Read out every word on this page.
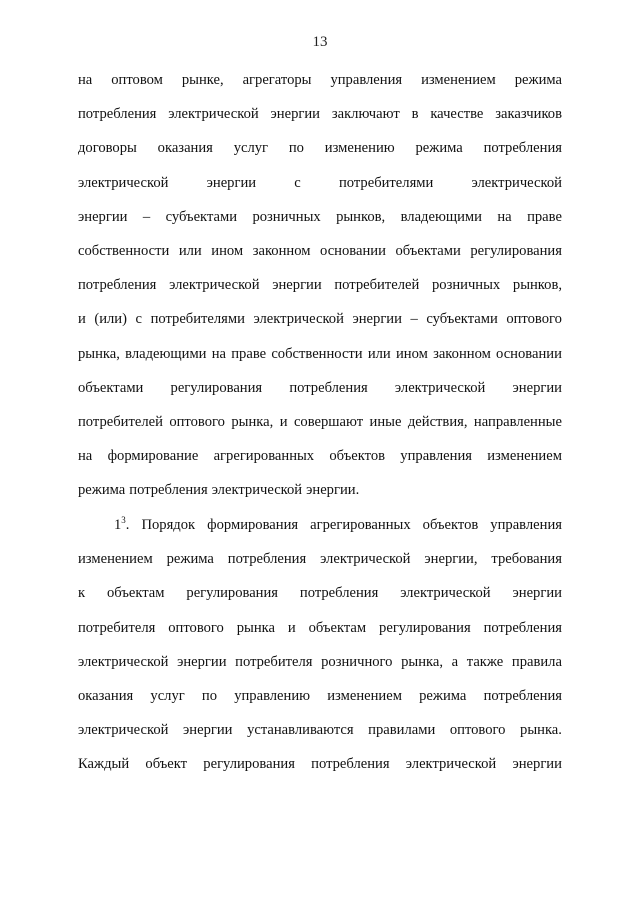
13
на оптовом рынке, агрегаторы управления изменением режима
потребления электрической энергии заключают в качестве заказчиков
договоры оказания услуг по изменению режима потребления
электрической	энергии	с	потребителями	электрической
энергии – субъектами розничных рынков, владеющими на праве
собственности или ином законном основании объектами регулирования
потребления электрической энергии потребителей розничных рынков,
и (или) с потребителями электрической энергии – субъектами оптового
рынка, владеющими на праве собственности или ином законном основании
объектами регулирования потребления электрической энергии
потребителей оптового рынка, и совершают иные действия, направленные
на формирование агрегированных объектов управления изменением
режима потребления электрической энергии.
$1^3$. Порядок формирования агрегированных объектов управления
изменением режима потребления электрической энергии, требования
к объектам регулирования потребления электрической энергии
потребителя оптового рынка и объектам регулирования потребления
электрической энергии потребителя розничного рынка, а также правила
оказания услуг по управлению изменением режима потребления
электрической энергии устанавливаются правилами оптового рынка.
Каждый объект регулирования потребления электрической энергии
